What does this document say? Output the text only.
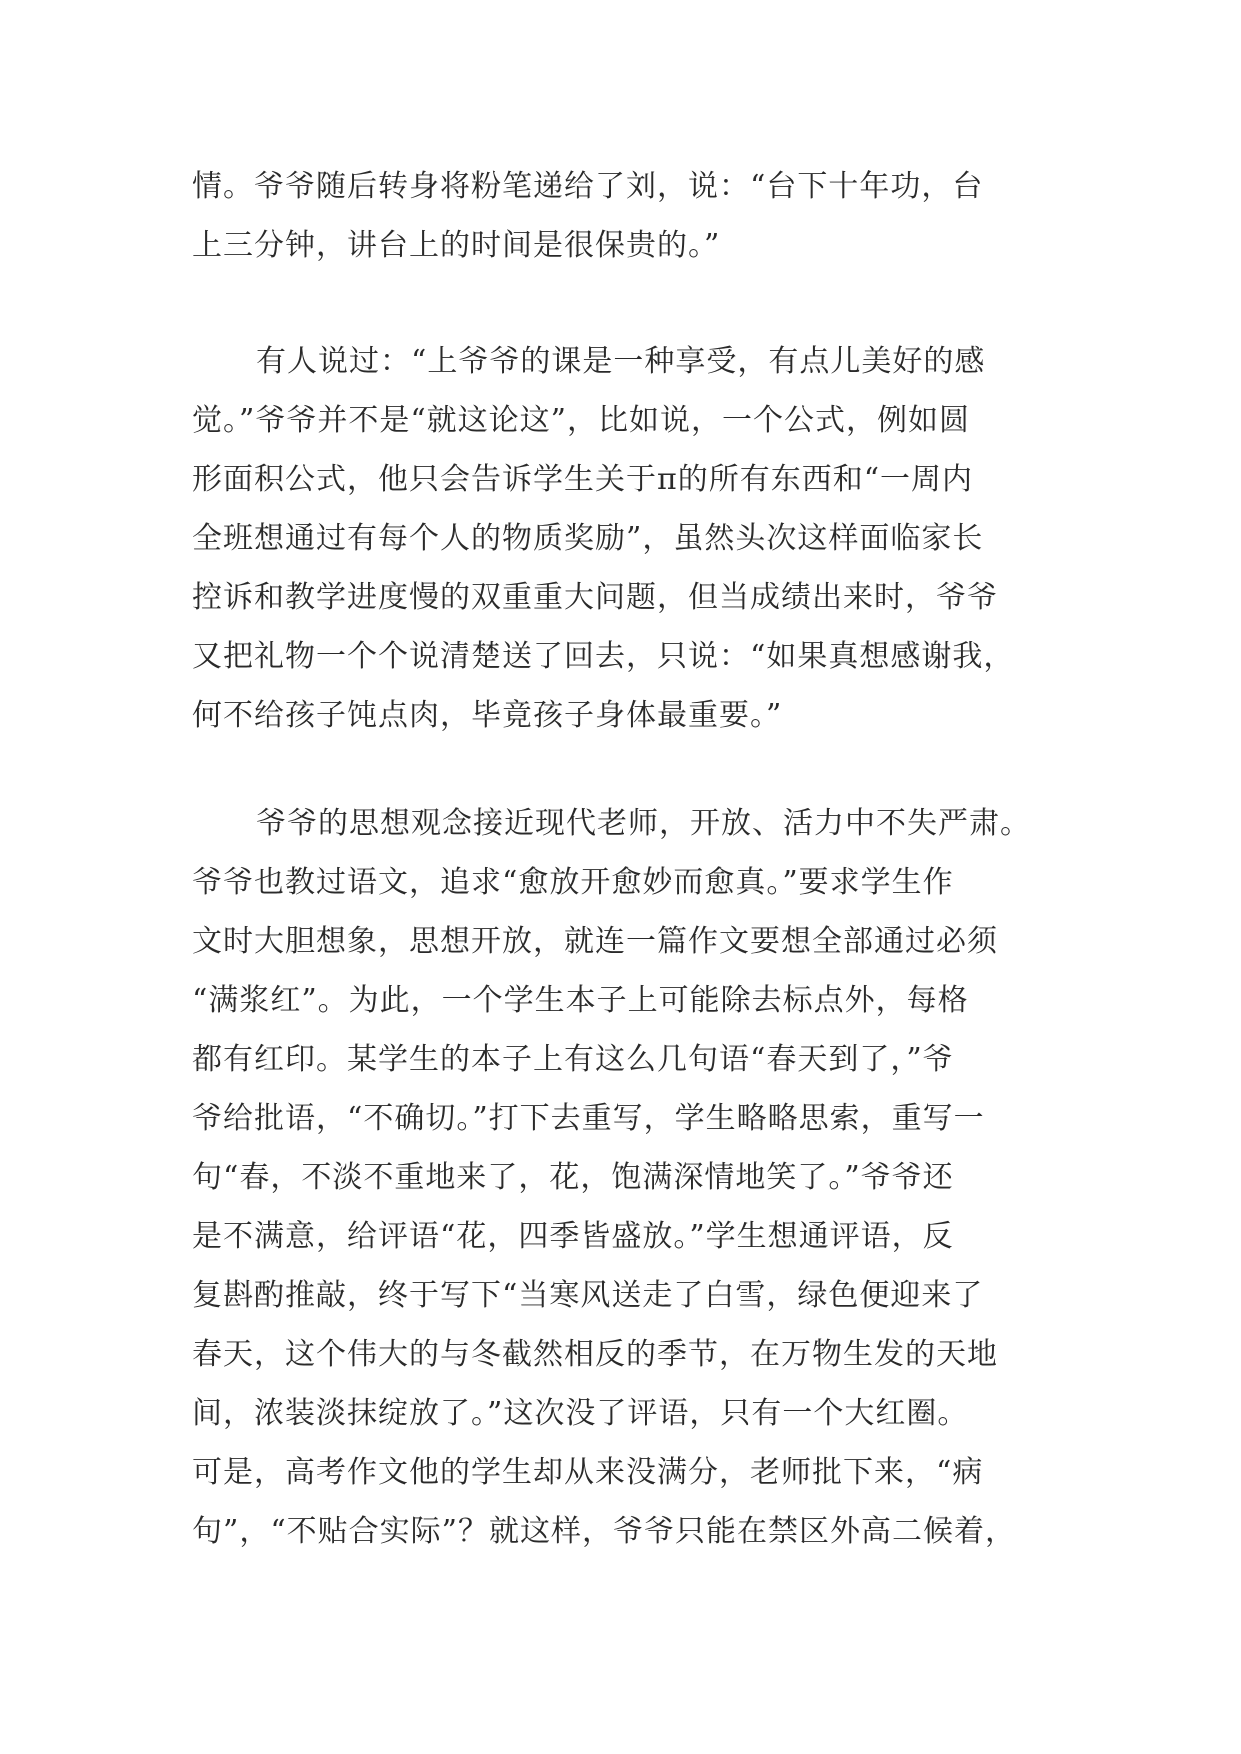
情。爷爷随后转身将粉笔递给了刘，说：“台下十年功，台
上三分钟，讲台上的时间是很保贵的。”
有人说过：“上爷爷的课是一种享受，有点儿美好的感
觉。”爷爷并不是“就这论这”，比如说，一个公式，例如圆
形面积公式，他只会告诉学生关于π的所有东西和“一周内
全班想通过有每个人的物质奖励”，虽然头次这样面临家长
控诉和教学进度慢的双重重大问题，但当成绩出来时，爷爷
又把礼物一个个说清楚送了回去，只说：“如果真想感谢我，
何不给孩子饨点肉，毕竟孩子身体最重要。”
爷爷的思想观念接近现代老师，开放、活力中不失严肃。
爷爷也教过语文，追求“愈放开愈妙而愈真。”要求学生作
文时大胆想象，思想开放，就连一篇作文要想全部通过必须
“满浆红”。为此，一个学生本子上可能除去标点外，每格
都有红印。某学生的本子上有这么几句语“春天到了，”爷
爷给批语，“不确切。”打下去重写，学生略略思索，重写一
句“春，不淡不重地来了，花，饱满深情地笑了。”爷爷还
是不满意，给评语“花，四季皆盛放。”学生想通评语，反
复斟酌推敲，终于写下“当寒风送走了白雪，绿色便迎来了
春天，这个伟大的与冬截然相反的季节，在万物生发的天地
间，浓装淡抹绽放了。”这次没了评语，只有一个大红圈。
可是，高考作文他的学生却从来没满分，老师批下来，“病
句”，“不贴合实际”？就这样，爷爷只能在禁区外高二候着，
